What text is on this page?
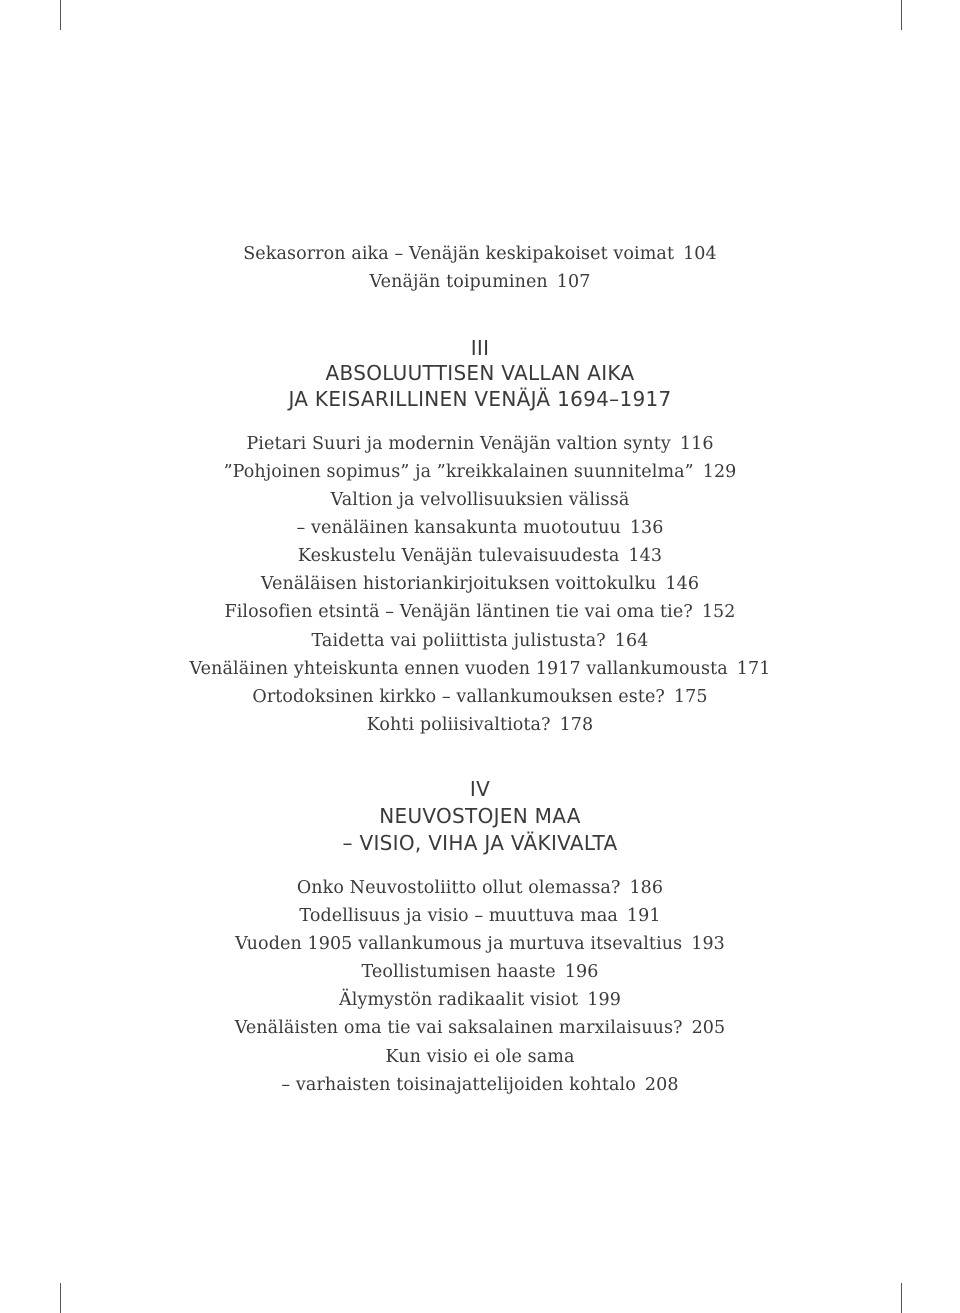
Sekasorron aika – Venäjän keskipakoiset voimat 104
Venäjän toipuminen 107
III
ABSOLUUTTISEN VALLAN AIKA
JA KEISARILLINEN VENÄJÄ 1694–1917
Pietari Suuri ja modernin Venäjän valtion synty 116
”Pohjoinen sopimus” ja ”kreikkalainen suunnitelma” 129
Valtion ja velvollisuuksien välissä
– venäläinen kansakunta muotoutuu 136
Keskustelu Venäjän tulevaisuudesta 143
Venäläisen historiankirjoituksen voittokulku 146
Filosofien etsintä – Venäjän läntinen tie vai oma tie? 152
Taidetta vai poliittista julistusta? 164
Venäläinen yhteiskunta ennen vuoden 1917 vallankumousta 171
Ortodoksinen kirkko – vallankumouksen este? 175
Kohti poliisivaltiota? 178
IV
NEUVOSTOJEN MAA
– VISIO, VIHA JA VÄKIVALTA
Onko Neuvostoliitto ollut olemassa? 186
Todellisuus ja visio – muuttuva maa 191
Vuoden 1905 vallankumous ja murtuva itsevaltius 193
Teollistumisen haaste 196
Älymystön radikaalit visiot 199
Venäläisten oma tie vai saksalainen marxilaisuus? 205
Kun visio ei ole sama
– varhaisten toisinajattelijoiden kohtalo 208
